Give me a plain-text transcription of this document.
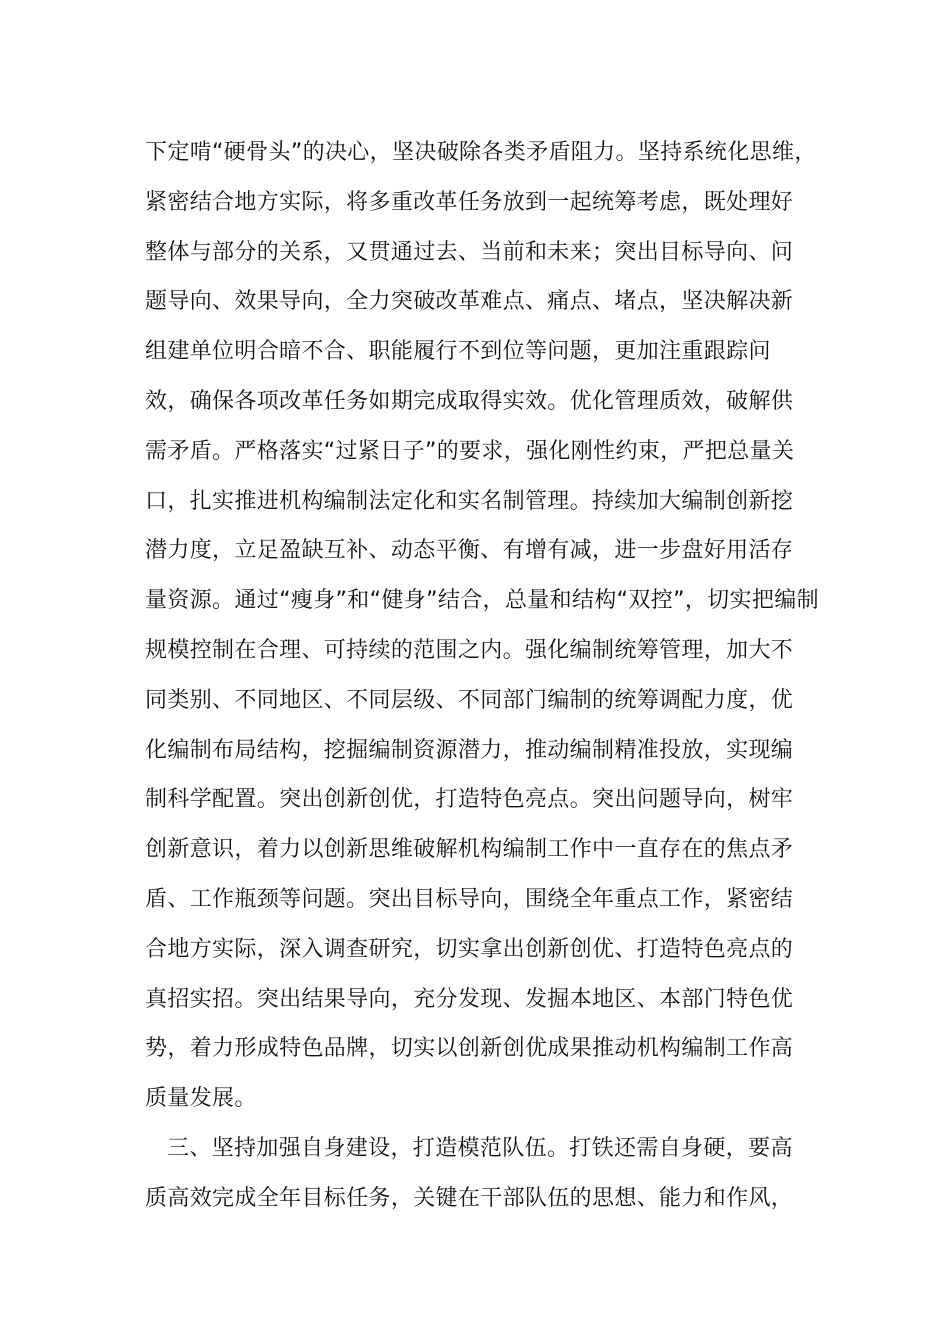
下定啃“硬骨头”的决心，坚决破除各类矛盾阻力。坚持系统化思维，
紧密结合地方实际，将多重改革任务放到一起统筹考虑，既处理好
整体与部分的关系，又贯通过去、当前和未来；突出目标导向、问
题导向、效果导向，全力突破改革难点、痛点、堵点，坚决解决新
组建单位明合暗不合、职能履行不到位等问题，更加注重跟踪问
效，确保各项改革任务如期完成取得实效。优化管理质效，破解供
需矛盾。严格落实“过紧日子”的要求，强化刚性约束，严把总量关
口，扎实推进机构编制法定化和实名制管理。持续加大编制创新挖
潜力度，立足盈缺互补、动态平衡、有增有减，进一步盘好用活存
量资源。通过“瘦身”和“健身”结合，总量和结构“双控”，切实把编制
规模控制在合理、可持续的范围之内。强化编制统筹管理，加大不
同类别、不同地区、不同层级、不同部门编制的统筹调配力度，优
化编制布局结构，挖掘编制资源潜力，推动编制精准投放，实现编
制科学配置。突出创新创优，打造特色亮点。突出问题导向，树牢
创新意识，着力以创新思维破解机构编制工作中一直存在的焦点矛
盾、工作瓶颈等问题。突出目标导向，围绕全年重点工作，紧密结
合地方实际，深入调查研究，切实拿出创新创优、打造特色亮点的
真招实招。突出结果导向，充分发现、发掘本地区、本部门特色优
势，着力形成特色品牌，切实以创新创优成果推动机构编制工作高
质量发展。
三、坚持加强自身建设，打造模范队伍。打铁还需自身硬，要高
质高效完成全年目标任务，关键在干部队伍的思想、能力和作风，
